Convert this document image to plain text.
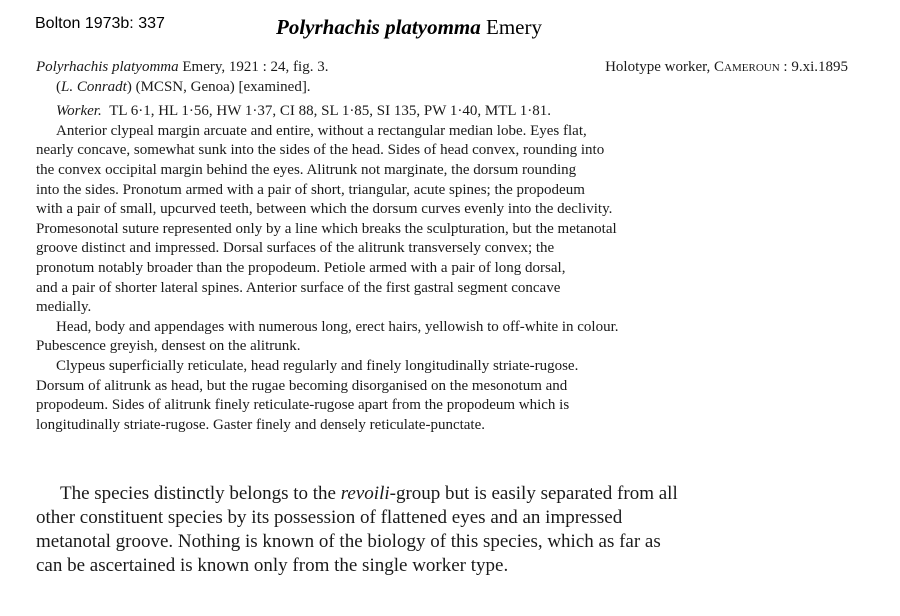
Bolton 1973b: 337	Polyrhachis platyomma Emery
Polyrhachis platyomma Emery, 1921 : 24, fig. 3.	Holotype worker, Cameroun : 9.xi.1895
( L. Conradt ) (MCSN, Genoa) [examined].
Worker.
TL 6·1, HL 1·56, HW 1·37, CI 88, SL 1·85, SI 135, PW 1·40, MTL 1·81.
Anterior clypeal margin arcuate and entire, without a rectangular median lobe. Eyes flat,
nearly concave, somewhat sunk into the sides of the head. Sides of head convex, rounding into
the convex occipital margin behind the eyes. Alitrunk not marginate, the dorsum rounding
into the sides. Pronotum armed with a pair of short, triangular, acute spines; the propodeum
with a pair of small, upcurved teeth, between which the dorsum curves evenly into the declivity.
Promesonotal suture represented only by a line which breaks the sculpturation, but the metanotal
groove distinct and impressed. Dorsal surfaces of the alitrunk transversely convex; the
pronotum notably broader than the propodeum. Petiole armed with a pair of long dorsal,
and a pair of shorter lateral spines. Anterior surface of the first gastral segment concave
medially.
Head, body and appendages with numerous long, erect hairs, yellowish to off-white in colour.
Pubescence greyish, densest on the alitrunk.
Clypeus superficially reticulate, head regularly and finely longitudinally striate-rugose.
Dorsum of alitrunk as head, but the rugae becoming disorganised on the mesonotum and
propodeum. Sides of alitrunk finely reticulate-rugose apart from the propodeum which is
longitudinally striate-rugose. Gaster finely and densely reticulate-punctate.
The species distinctly belongs to the
revoili -group but is easily separated from all
other constituent species by its possession of flattened eyes and an impressed
metanotal groove. Nothing is known of the biology of this species, which as far as
can be ascertained is known only from the single worker type.
